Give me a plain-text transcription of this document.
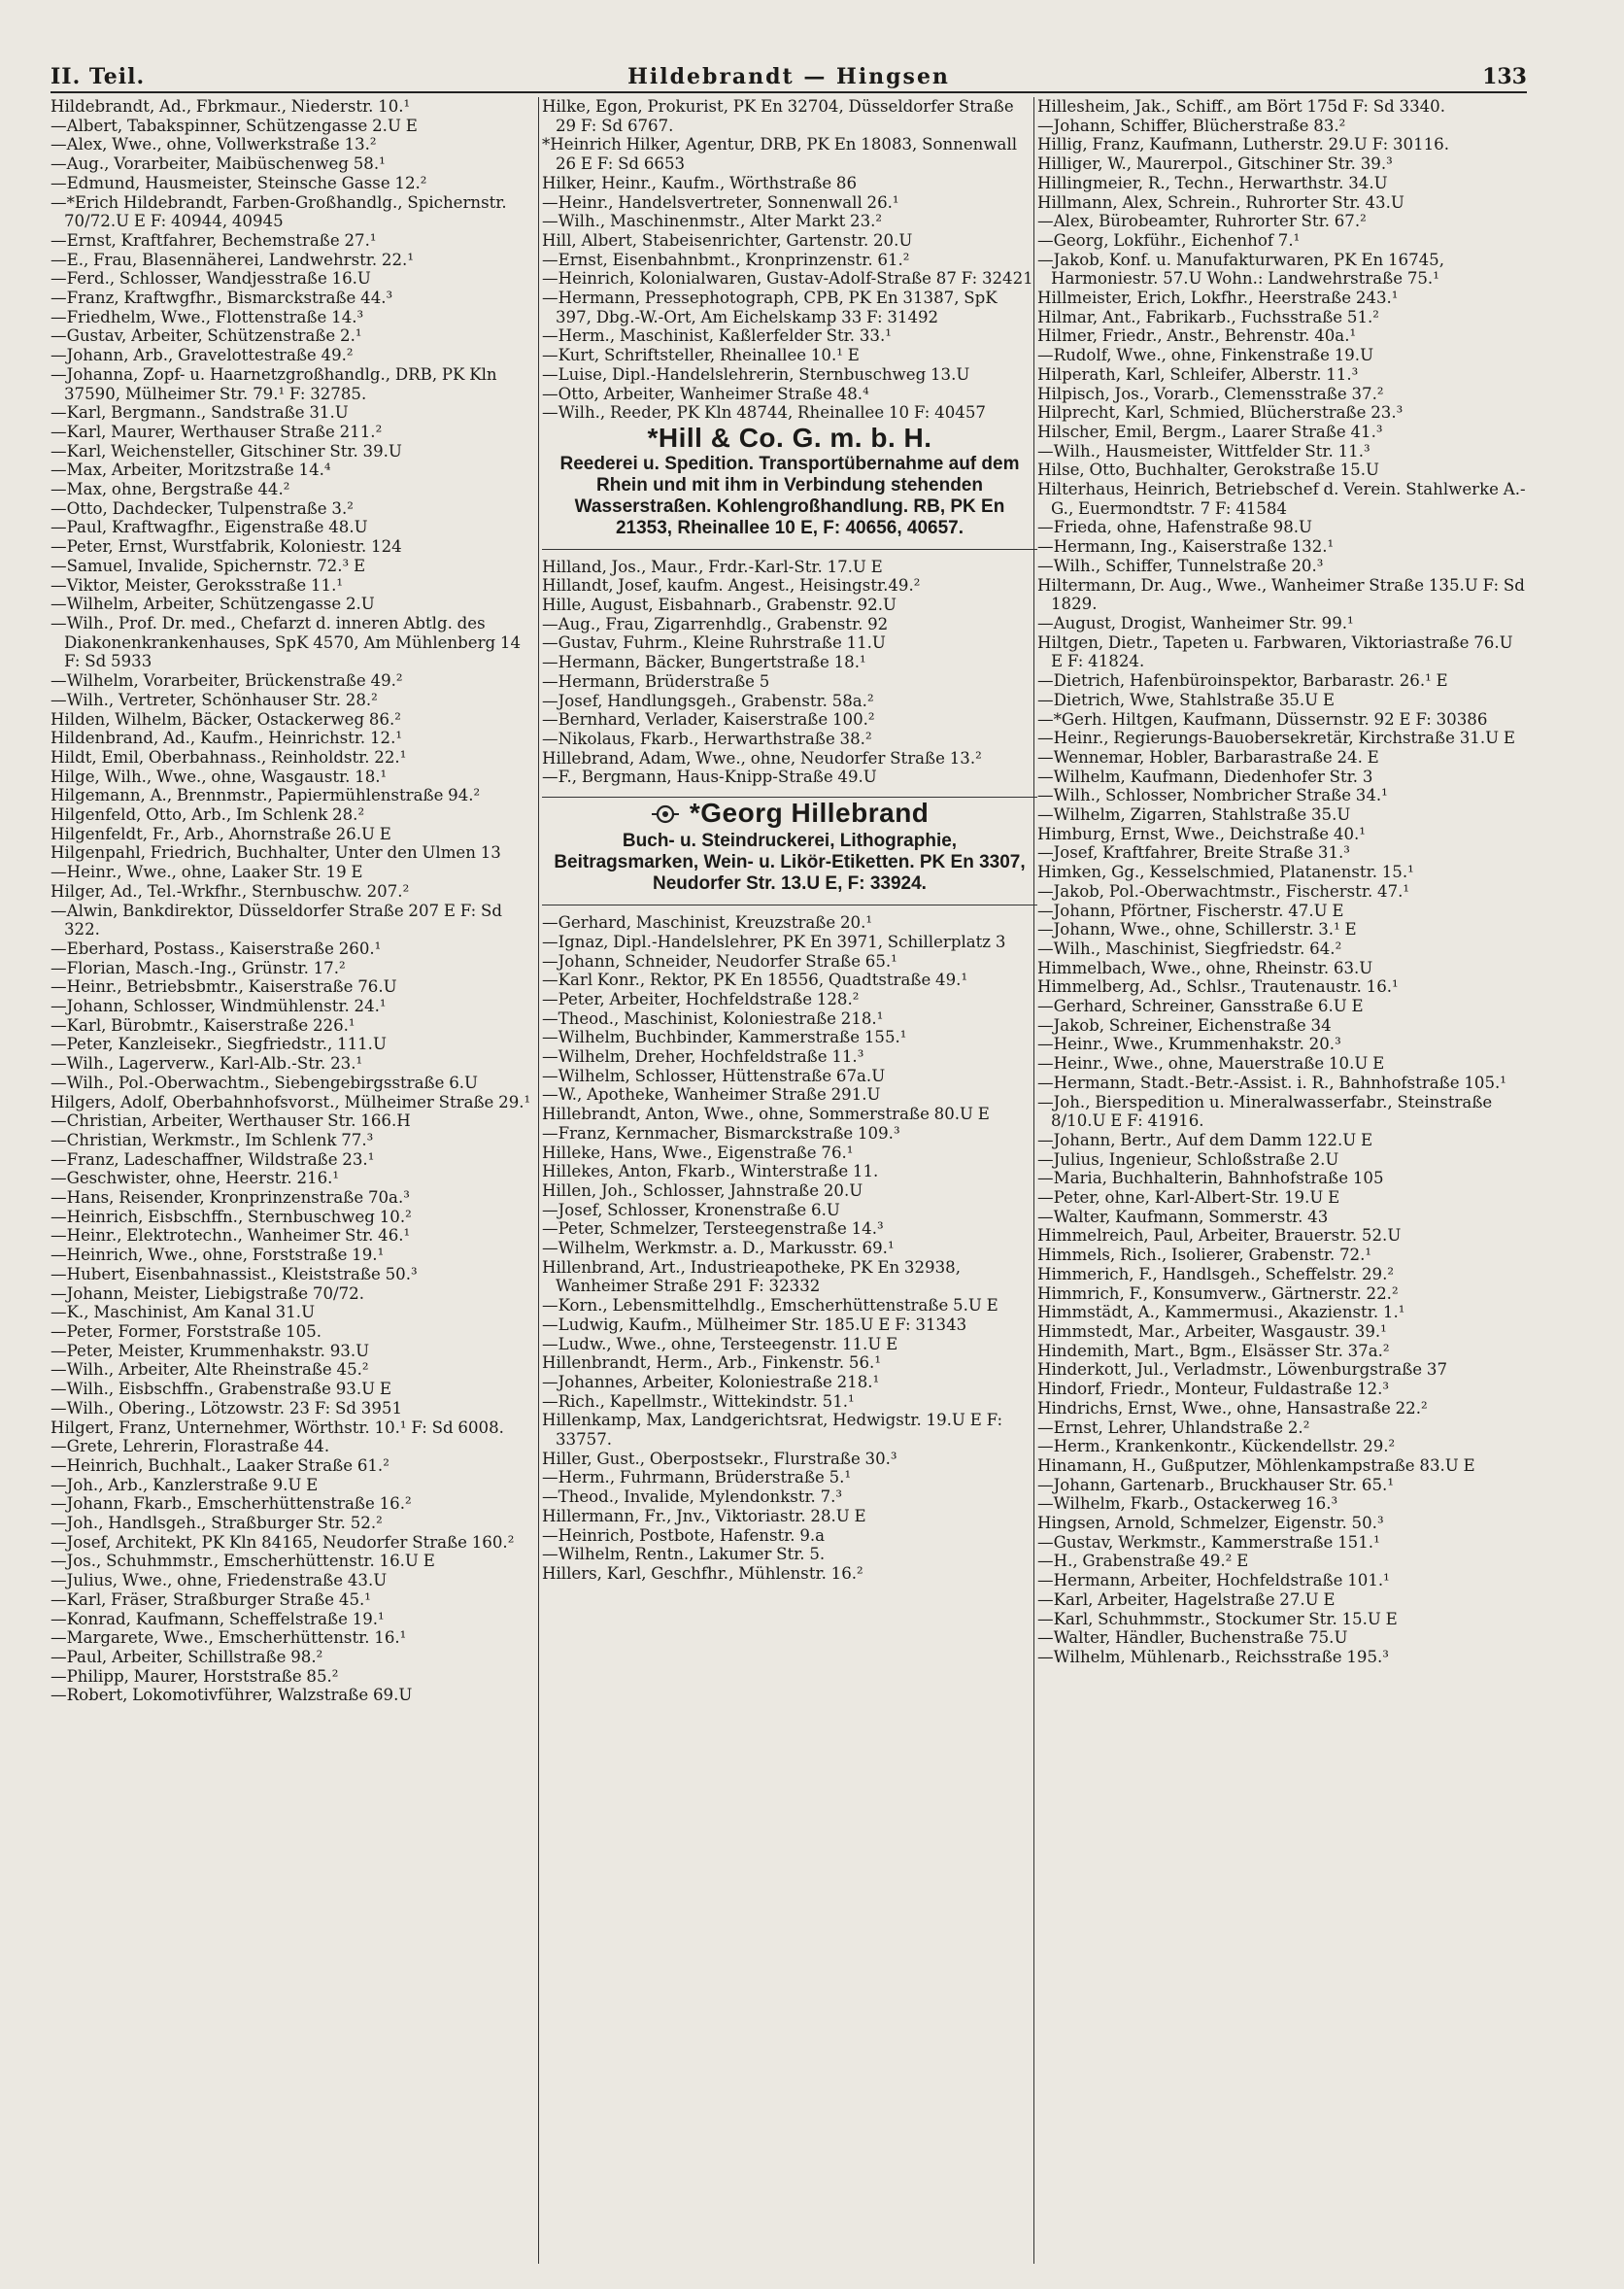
II. Teil.	Hildebrandt — Hingsen	133

Hildebrandt, Ad., Fbrkmaur., Niederstr. 10.¹

—Albert, Tabakspinner, Schützengasse 2.U E

—Alex, Wwe., ohne, Vollwerkstraße 13.²

—Aug., Vorarbeiter, Maibüschenweg 58.¹

—Edmund, Hausmeister, Steinsche Gasse 12.²

—*Erich Hildebrandt, Farben-Großhandlg., Spichernstr. 70/72.U E F: 40944, 40945

—Ernst, Kraftfahrer, Bechemstraße 27.¹

—E., Frau, Blasennäherei, Landwehrstr. 22.¹

—Ferd., Schlosser, Wandjesstraße 16.U

—Franz, Kraftwgfhr., Bismarckstraße 44.³

—Friedhelm, Wwe., Flottenstraße 14.³

—Gustav, Arbeiter, Schützenstraße 2.¹

—Johann, Arb., Gravelottestraße 49.²

—Johanna, Zopf- u. Haarnetzgroßhandlg., DRB, PK Kln 37590, Mülheimer Str. 79.¹ F: 32785.

—Karl, Bergmann., Sandstraße 31.U

—Karl, Maurer, Werthauser Straße 211.²

—Karl, Weichensteller, Gitschiner Str. 39.U

—Max, Arbeiter, Moritzstraße 14.⁴

—Max, ohne, Bergstraße 44.²

—Otto, Dachdecker, Tulpenstraße 3.²

—Paul, Kraftwagfhr., Eigenstraße 48.U

—Peter, Ernst, Wurstfabrik, Koloniestr. 124

—Samuel, Invalide, Spichernstr. 72.³ E

—Viktor, Meister, Geroksstraße 11.¹

—Wilhelm, Arbeiter, Schützengasse 2.U

—Wilh., Prof. Dr. med., Chefarzt d. inneren Abtlg. des Diakonenkrankenhauses, SpK 4570, Am Mühlenberg 14 F: Sd 5933

—Wilhelm, Vorarbeiter, Brückenstraße 49.²

—Wilh., Vertreter, Schönhauser Str. 28.²

Hilden, Wilhelm, Bäcker, Ostackerweg 86.²

Hildenbrand, Ad., Kaufm., Heinrichstr. 12.¹

Hildt, Emil, Oberbahnass., Reinholdstr. 22.¹

Hilge, Wilh., Wwe., ohne, Wasgaustr. 18.¹

Hilgemann, A., Brennmstr., Papiermühlenstraße 94.²

Hilgenfeld, Otto, Arb., Im Schlenk 28.²

Hilgenfeldt, Fr., Arb., Ahornstraße 26.U E

Hilgenpahl, Friedrich, Buchhalter, Unter den Ulmen 13

—Heinr., Wwe., ohne, Laaker Str. 19 E

Hilger, Ad., Tel.-Wrkfhr., Sternbuschw. 207.²

—Alwin, Bankdirektor, Düsseldorfer Straße 207 E F: Sd 322.

—Eberhard, Postass., Kaiserstraße 260.¹

—Florian, Masch.-Ing., Grünstr. 17.²

—Heinr., Betriebsbmtr., Kaiserstraße 76.U

—Johann, Schlosser, Windmühlenstr. 24.¹

—Karl, Bürobmtr., Kaiserstraße 226.¹

—Peter, Kanzleisekr., Siegfriedstr., 111.U

—Wilh., Lagerverw., Karl-Alb.-Str. 23.¹

—Wilh., Pol.-Oberwachtm., Siebengebirgsstraße 6.U

Hilgers, Adolf, Oberbahnhofsvorst., Mülheimer Straße 29.¹

—Christian, Arbeiter, Werthauser Str. 166.H

—Christian, Werkmstr., Im Schlenk 77.³

—Franz, Ladeschaffner, Wildstraße 23.¹

—Geschwister, ohne, Heerstr. 216.¹

—Hans, Reisender, Kronprinzenstraße 70a.³

—Heinrich, Eisbschffn., Sternbuschweg 10.²

—Heinr., Elektrotechn., Wanheimer Str. 46.¹

—Heinrich, Wwe., ohne, Forststraße 19.¹

—Hubert, Eisenbahnassist., Kleiststraße 50.³

—Johann, Meister, Liebigstraße 70/72.

—K., Maschinist, Am Kanal 31.U

—Peter, Former, Forststraße 105.

—Peter, Meister, Krummenhakstr. 93.U

—Wilh., Arbeiter, Alte Rheinstraße 45.²

—Wilh., Eisbschffn., Grabenstraße 93.U E

—Wilh., Obering., Lötzowstr. 23 F: Sd 3951

Hilgert, Franz, Unternehmer, Wörthstr. 10.¹ F: Sd 6008.

—Grete, Lehrerin, Florastraße 44.

—Heinrich, Buchhalt., Laaker Straße 61.²

—Joh., Arb., Kanzlerstraße 9.U E

—Johann, Fkarb., Emscherhüttenstraße 16.²

—Joh., Handlsgeh., Straßburger Str. 52.²

—Josef, Architekt, PK Kln 84165, Neudorfer Straße 160.²

—Jos., Schuhmmstr., Emscherhüttenstr. 16.U E

—Julius, Wwe., ohne, Friedenstraße 43.U

—Karl, Fräser, Straßburger Straße 45.¹

—Konrad, Kaufmann, Scheffelstraße 19.¹

—Margarete, Wwe., Emscherhüttenstr. 16.¹

—Paul, Arbeiter, Schillstraße 98.²

—Philipp, Maurer, Horststraße 85.²

—Robert, Lokomotivführer, Walzstraße 69.U

Hilke, Egon, Prokurist, PK En 32704, Düsseldorfer Straße 29 F: Sd 6767.

*Heinrich Hilker, Agentur, DRB, PK En 18083, Sonnenwall 26 E F: Sd 6653

Hilker, Heinr., Kaufm., Wörthstraße 86

—Heinr., Handelsvertreter, Sonnenwall 26.¹

—Wilh., Maschinenmstr., Alter Markt 23.²

Hill, Albert, Stabeisenrichter, Gartenstr. 20.U

—Ernst, Eisenbahnbmt., Kronprinzenstr. 61.²

—Heinrich, Kolonialwaren, Gustav-Adolf-Straße 87 F: 32421

—Hermann, Pressephotograph, CPB, PK En 31387, SpK 397, Dbg.-W.-Ort, Am Eichelskamp 33 F: 31492

—Herm., Maschinist, Kaßlerfelder Str. 33.¹

—Kurt, Schriftsteller, Rheinallee 10.¹ E

—Luise, Dipl.-Handelslehrerin, Sternbuschweg 13.U

—Otto, Arbeiter, Wanheimer Straße 48.⁴

—Wilh., Reeder, PK Kln 48744, Rheinallee 10 F: 40457

*Hill & Co. G. m. b. H.
Reederei u. Spedition. Transportübernahme auf dem Rhein und mit ihm in Verbindung stehenden Wasserstraßen. Kohlengroßhandlung. RB, PK En 21353, Rheinallee 10 E, F: 40656, 40657.

Hilland, Jos., Maur., Frdr.-Karl-Str. 17.U E

Hillandt, Josef, kaufm. Angest., Heisingstr.49.²

Hille, August, Eisbahnarb., Grabenstr. 92.U

—Aug., Frau, Zigarrenhdlg., Grabenstr. 92

—Gustav, Fuhrm., Kleine Ruhrstraße 11.U

—Hermann, Bäcker, Bungertstraße 18.¹

—Hermann, Brüderstraße 5

—Josef, Handlungsgeh., Grabenstr. 58a.²

—Bernhard, Verlader, Kaiserstraße 100.²

—Nikolaus, Fkarb., Herwarthstraße 38.²

Hillebrand, Adam, Wwe., ohne, Neudorfer Straße 13.²

—F., Bergmann, Haus-Knipp-Straße 49.U

*Georg Hillebrand
Buch- u. Steindruckerei, Lithographie, Beitragsmarken, Wein- u. Likör-Etiketten. PK En 3307, Neudorfer Str. 13.U E, F: 33924.

—Gerhard, Maschinist, Kreuzstraße 20.¹

—Ignaz, Dipl.-Handelslehrer, PK En 3971, Schillerplatz 3

—Johann, Schneider, Neudorfer Straße 65.¹

—Karl Konr., Rektor, PK En 18556, Quadtstraße 49.¹

—Peter, Arbeiter, Hochfeldstraße 128.²

—Theod., Maschinist, Koloniestraße 218.¹

—Wilhelm, Buchbinder, Kammerstraße 155.¹

—Wilhelm, Dreher, Hochfeldstraße 11.³

—Wilhelm, Schlosser, Hüttenstraße 67a.U

—W., Apotheke, Wanheimer Straße 291.U

Hillebrandt, Anton, Wwe., ohne, Sommerstraße 80.U E

—Franz, Kernmacher, Bismarckstraße 109.³

Hilleke, Hans, Wwe., Eigenstraße 76.¹

Hillekes, Anton, Fkarb., Winterstraße 11.

Hillen, Joh., Schlosser, Jahnstraße 20.U

—Josef, Schlosser, Kronenstraße 6.U

—Peter, Schmelzer, Tersteegenstraße 14.³

—Wilhelm, Werkmstr. a. D., Markusstr. 69.¹

Hillenbrand, Art., Industrieapotheke, PK En 32938, Wanheimer Straße 291 F: 32332

—Korn., Lebensmittelhdlg., Emscherhüttenstraße 5.U E

—Ludwig, Kaufm., Mülheimer Str. 185.U E F: 31343

—Ludw., Wwe., ohne, Tersteegenstr. 11.U E

Hillenbrandt, Herm., Arb., Finkenstr. 56.¹

—Johannes, Arbeiter, Koloniestraße 218.¹

—Rich., Kapellmstr., Wittekindstr. 51.¹

Hillenkamp, Max, Landgerichtsrat, Hedwigstr. 19.U E F: 33757.

Hiller, Gust., Oberpostsekr., Flurstraße 30.³

—Herm., Fuhrmann, Brüderstraße 5.¹

—Theod., Invalide, Mylendonkstr. 7.³

Hillermann, Fr., Jnv., Viktoriastr. 28.U E

—Heinrich, Postbote, Hafenstr. 9.a

—Wilhelm, Rentn., Lakumer Str. 5.

Hillers, Karl, Geschfhr., Mühlenstr. 16.²

Hillesheim, Jak., Schiff., am Bört 175d F: Sd 3340.

—Johann, Schiffer, Blücherstraße 83.²

Hillig, Franz, Kaufmann, Lutherstr. 29.U F: 30116.

Hilliger, W., Maurerpol., Gitschiner Str. 39.³

Hillingmeier, R., Techn., Herwarthstr. 34.U

Hillmann, Alex, Schrein., Ruhrorter Str. 43.U

—Alex, Bürobeamter, Ruhrorter Str. 67.²

—Georg, Lokführ., Eichenhof 7.¹

—Jakob, Konf. u. Manufakturwaren, PK En 16745, Harmoniestr. 57.U Wohn.: Landwehrstraße 75.¹

Hillmeister, Erich, Lokfhr., Heerstraße 243.¹

Hilmar, Ant., Fabrikarb., Fuchsstraße 51.²

Hilmer, Friedr., Anstr., Behrenstr. 40a.¹

—Rudolf, Wwe., ohne, Finkenstraße 19.U

Hilperath, Karl, Schleifer, Alberstr. 11.³

Hilpisch, Jos., Vorarb., Clemensstraße 37.²

Hilprecht, Karl, Schmied, Blücherstraße 23.³

Hilscher, Emil, Bergm., Laarer Straße 41.³

—Wilh., Hausmeister, Wittfelder Str. 11.³

Hilse, Otto, Buchhalter, Gerokstraße 15.U

Hilterhaus, Heinrich, Betriebschef d. Verein. Stahlwerke A.-G., Euermondtstr. 7 F: 41584

—Frieda, ohne, Hafenstraße 98.U

—Hermann, Ing., Kaiserstraße 132.¹

—Wilh., Schiffer, Tunnelstraße 20.³

Hiltermann, Dr. Aug., Wwe., Wanheimer Straße 135.U F: Sd 1829.

—August, Drogist, Wanheimer Str. 99.¹

Hiltgen, Dietr., Tapeten u. Farbwaren, Viktoriastraße 76.U E F: 41824.

—Dietrich, Hafenbüroinspektor, Barbarastr. 26.¹ E

—Dietrich, Wwe, Stahlstraße 35.U E

—*Gerh. Hiltgen, Kaufmann, Düssernstr. 92 E F: 30386

—Heinr., Regierungs-Bauobersekretär, Kirchstraße 31.U E

—Wennemar, Hobler, Barbarastraße 24. E

—Wilhelm, Kaufmann, Diedenhofer Str. 3

—Wilh., Schlosser, Nombricher Straße 34.¹

—Wilhelm, Zigarren, Stahlstraße 35.U

Himburg, Ernst, Wwe., Deichstraße 40.¹

—Josef, Kraftfahrer, Breite Straße 31.³

Himken, Gg., Kesselschmied, Platanenstr. 15.¹

—Jakob, Pol.-Oberwachtmstr., Fischerstr. 47.¹

—Johann, Pförtner, Fischerstr. 47.U E

—Johann, Wwe., ohne, Schillerstr. 3.¹ E

—Wilh., Maschinist, Siegfriedstr. 64.²

Himmelbach, Wwe., ohne, Rheinstr. 63.U

Himmelberg, Ad., Schlsr., Trautenaustr. 16.¹

—Gerhard, Schreiner, Gansstraße 6.U E

—Jakob, Schreiner, Eichenstraße 34

—Heinr., Wwe., Krummenhakstr. 20.³

—Heinr., Wwe., ohne, Mauerstraße 10.U E

—Hermann, Stadt.-Betr.-Assist. i. R., Bahnhofstraße 105.¹

—Joh., Bierspedition u. Mineralwasserfabr., Steinstraße 8/10.U E F: 41916.

—Johann, Bertr., Auf dem Damm 122.U E

—Julius, Ingenieur, Schloßstraße 2.U

—Maria, Buchhalterin, Bahnhofstraße 105

—Peter, ohne, Karl-Albert-Str. 19.U E

—Walter, Kaufmann, Sommerstr. 43

Himmelreich, Paul, Arbeiter, Brauerstr. 52.U

Himmels, Rich., Isolierer, Grabenstr. 72.¹

Himmerich, F., Handlsgeh., Scheffelstr. 29.²

Himmrich, F., Konsumverw., Gärtnerstr. 22.²

Himmstädt, A., Kammermusi., Akazienstr. 1.¹

Himmstedt, Mar., Arbeiter, Wasgaustr. 39.¹

Hindemith, Mart., Bgm., Elsässer Str. 37a.²

Hinderkott, Jul., Verladmstr., Löwenburgstraße 37

Hindorf, Friedr., Monteur, Fuldastraße 12.³

Hindrichs, Ernst, Wwe., ohne, Hansastraße 22.²

—Ernst, Lehrer, Uhlandstraße 2.²

—Herm., Krankenkontr., Kückendellstr. 29.²

Hinamann, H., Gußputzer, Möhlenkampstraße 83.U E

—Johann, Gartenarb., Bruckhauser Str. 65.¹

—Wilhelm, Fkarb., Ostackerweg 16.³

Hingsen, Arnold, Schmelzer, Eigenstr. 50.³

—Gustav, Werkmstr., Kammerstraße 151.¹

—H., Grabenstraße 49.² E

—Hermann, Arbeiter, Hochfeldstraße 101.¹

—Karl, Arbeiter, Hagelstraße 27.U E

—Karl, Schuhmmstr., Stockumer Str. 15.U E

—Walter, Händler, Buchenstraße 75.U

—Wilhelm, Mühlenarb., Reichsstraße 195.³
